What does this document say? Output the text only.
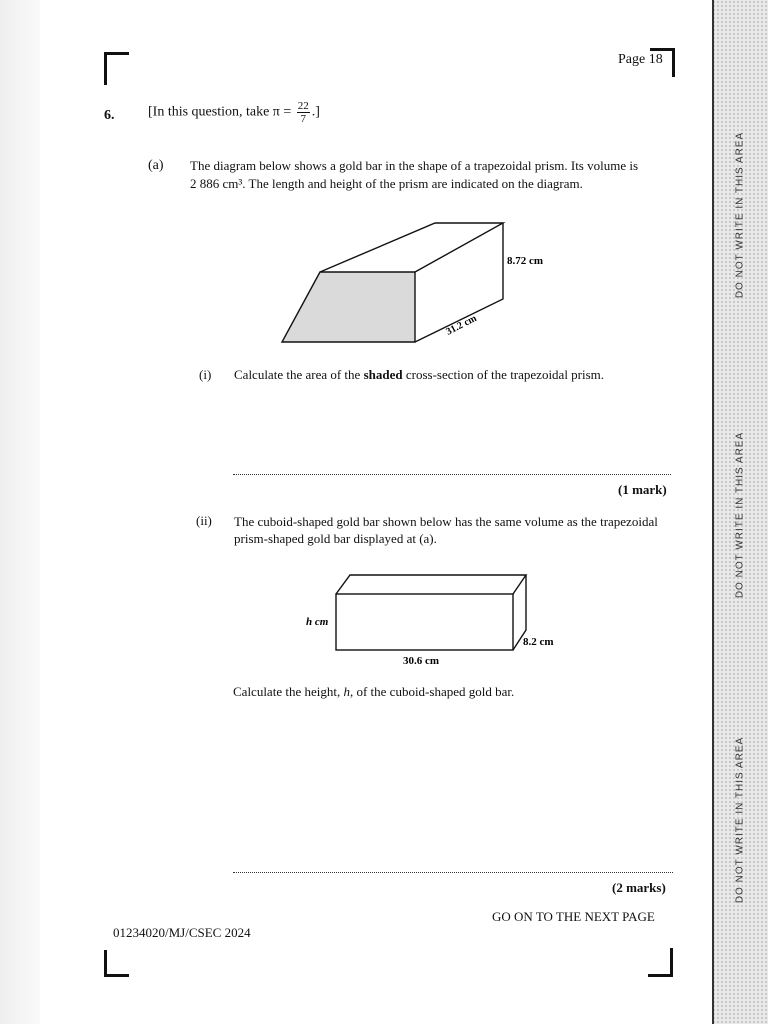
DO NOT WRITE IN THIS AREA
DO NOT WRITE IN THIS AREA
DO NOT WRITE IN THIS AREA
Page 18
6. [In this question, take $\pi = \frac{22}{7}$ .]
(a) The diagram below shows a gold bar in the shape of a trapezoidal prism. Its volume is
2 886 cm³. The length and height of the prism are indicated on the diagram.
8.72 cm
31.2 cm
(i) Calculate the area of the shaded cross-section of the trapezoidal prism.
(1 mark)
(ii) The cuboid-shaped gold bar shown below has the same volume as the trapezoidal
prism-shaped gold bar displayed at (a).
h cm
8.2 cm
30.6 cm
Calculate the height, h, of the cuboid-shaped gold bar.
(2 marks)
GO ON TO THE NEXT PAGE
01234020/MJ/CSEC 2024
